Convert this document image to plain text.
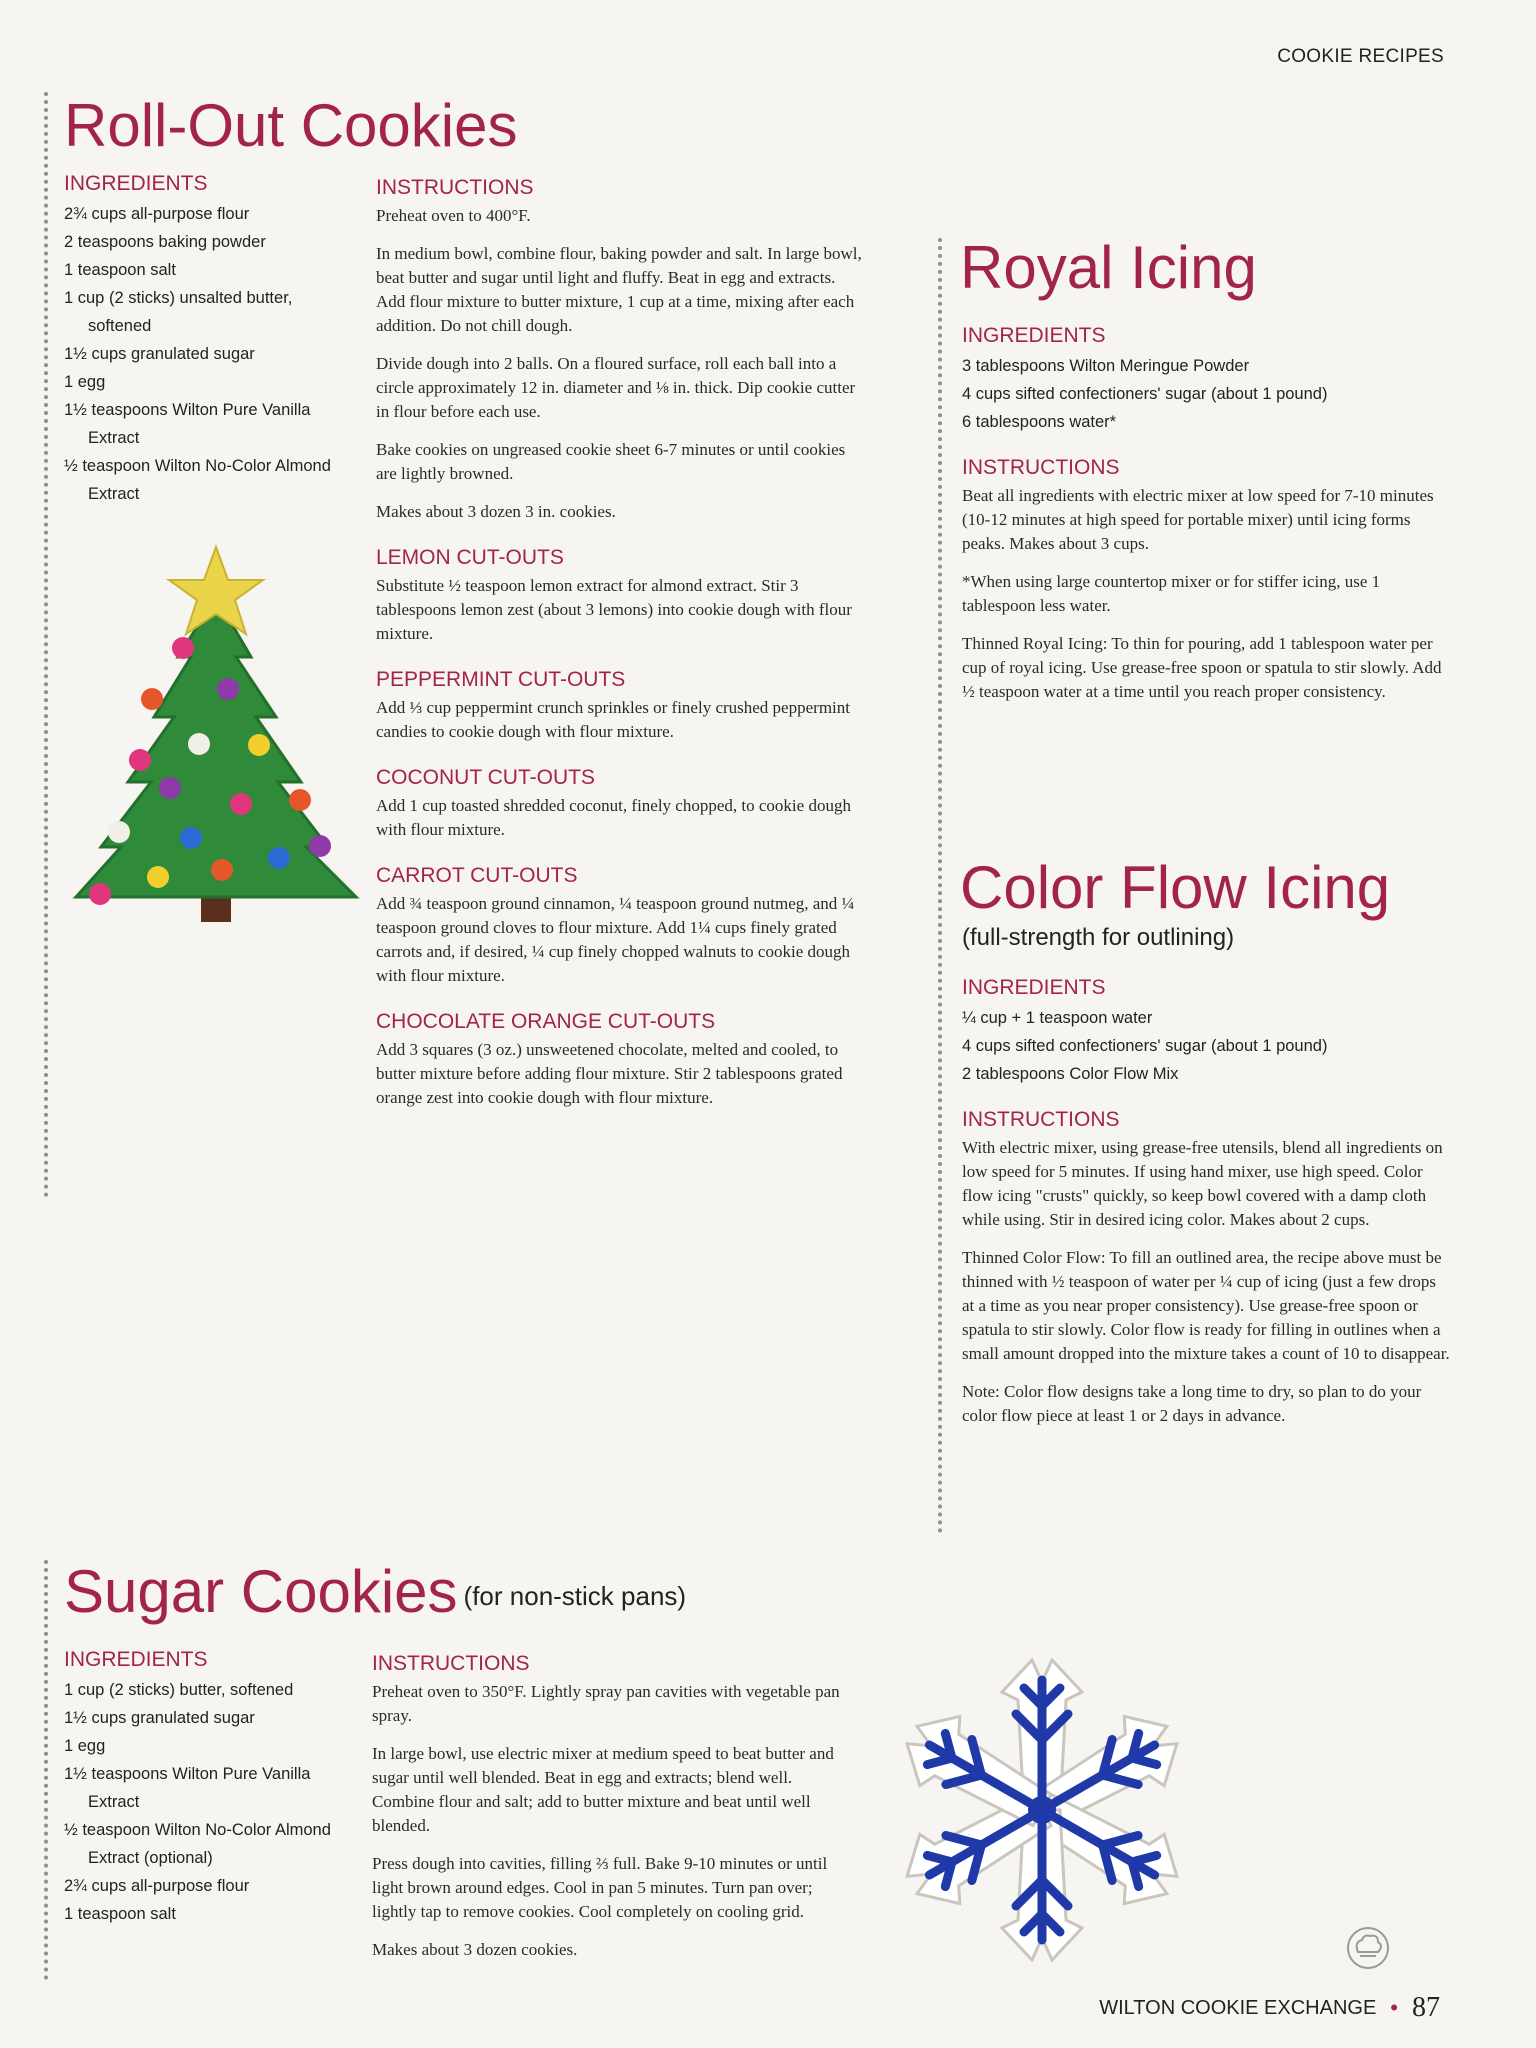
COOKIE RECIPES
Roll-Out Cookies
INGREDIENTS
2¾ cups all-purpose flour
2 teaspoons baking powder
1 teaspoon salt
1 cup (2 sticks) unsalted butter, softened
1½ cups granulated sugar
1 egg
1½ teaspoons Wilton Pure Vanilla Extract
½ teaspoon Wilton No-Color Almond Extract
INSTRUCTIONS

Preheat oven to 400°F.

In medium bowl, combine flour, baking powder and salt. In large bowl, beat butter and sugar until light and fluffy. Beat in egg and extracts. Add flour mixture to butter mixture, 1 cup at a time, mixing after each addition. Do not chill dough.

Divide dough into 2 balls. On a floured surface, roll each ball into a circle approximately 12 in. diameter and ⅛ in. thick. Dip cookie cutter in flour before each use.

Bake cookies on ungreased cookie sheet 6-7 minutes or until cookies are lightly browned.

Makes about 3 dozen 3 in. cookies.

LEMON CUT-OUTS

Substitute ½ teaspoon lemon extract for almond extract. Stir 3 tablespoons lemon zest (about 3 lemons) into cookie dough with flour mixture.

PEPPERMINT CUT-OUTS

Add ⅓ cup peppermint crunch sprinkles or finely crushed peppermint candies to cookie dough with flour mixture.

COCONUT CUT-OUTS

Add 1 cup toasted shredded coconut, finely chopped, to cookie dough with flour mixture.

CARROT CUT-OUTS

Add ¾ teaspoon ground cinnamon, ¼ teaspoon ground nutmeg, and ¼ teaspoon ground cloves to flour mixture. Add 1¼ cups finely grated carrots and, if desired, ¼ cup finely chopped walnuts to cookie dough with flour mixture.

CHOCOLATE ORANGE CUT-OUTS

Add 3 squares (3 oz.) unsweetened chocolate, melted and cooled, to butter mixture before adding flour mixture. Stir 2 tablespoons grated orange zest into cookie dough with flour mixture.

Royal Icing
INGREDIENTS
3 tablespoons Wilton Meringue Powder
4 cups sifted confectioners' sugar (about 1 pound)
6 tablespoons water*
INSTRUCTIONS

Beat all ingredients with electric mixer at low speed for 7-10 minutes (10-12 minutes at high speed for portable mixer) until icing forms peaks. Makes about 3 cups.

*When using large countertop mixer or for stiffer icing, use 1 tablespoon less water.

Thinned Royal Icing: To thin for pouring, add 1 tablespoon water per cup of royal icing. Use grease-free spoon or spatula to stir slowly. Add ½ teaspoon water at a time until you reach proper consistency.

Color Flow Icing
(full-strength for outlining)
INGREDIENTS
¼ cup + 1 teaspoon water
4 cups sifted confectioners' sugar (about 1 pound)
2 tablespoons Color Flow Mix
INSTRUCTIONS

With electric mixer, using grease-free utensils, blend all ingredients on low speed for 5 minutes. If using hand mixer, use high speed. Color flow icing "crusts" quickly, so keep bowl covered with a damp cloth while using. Stir in desired icing color. Makes about 2 cups.

Thinned Color Flow: To fill an outlined area, the recipe above must be thinned with ½ teaspoon of water per ¼ cup of icing (just a few drops at a time as you near proper consistency). Use grease-free spoon or spatula to stir slowly. Color flow is ready for filling in outlines when a small amount dropped into the mixture takes a count of 10 to disappear.

Note: Color flow designs take a long time to dry, so plan to do your color flow piece at least 1 or 2 days in advance.

Sugar Cookies (for non-stick pans)
INGREDIENTS
1 cup (2 sticks) butter, softened
1½ cups granulated sugar
1 egg
1½ teaspoons Wilton Pure Vanilla Extract
½ teaspoon Wilton No-Color Almond Extract (optional)
2¾ cups all-purpose flour
1 teaspoon salt
INSTRUCTIONS

Preheat oven to 350°F. Lightly spray pan cavities with vegetable pan spray.

In large bowl, use electric mixer at medium speed to beat butter and sugar until well blended. Beat in egg and extracts; blend well. Combine flour and salt; add to butter mixture and beat until well blended.

Press dough into cavities, filling ⅔ full. Bake 9-10 minutes or until light brown around edges. Cool in pan 5 minutes. Turn pan over; lightly tap to remove cookies. Cool completely on cooling grid.

Makes about 3 dozen cookies.

WILTON COOKIE EXCHANGE • 87
